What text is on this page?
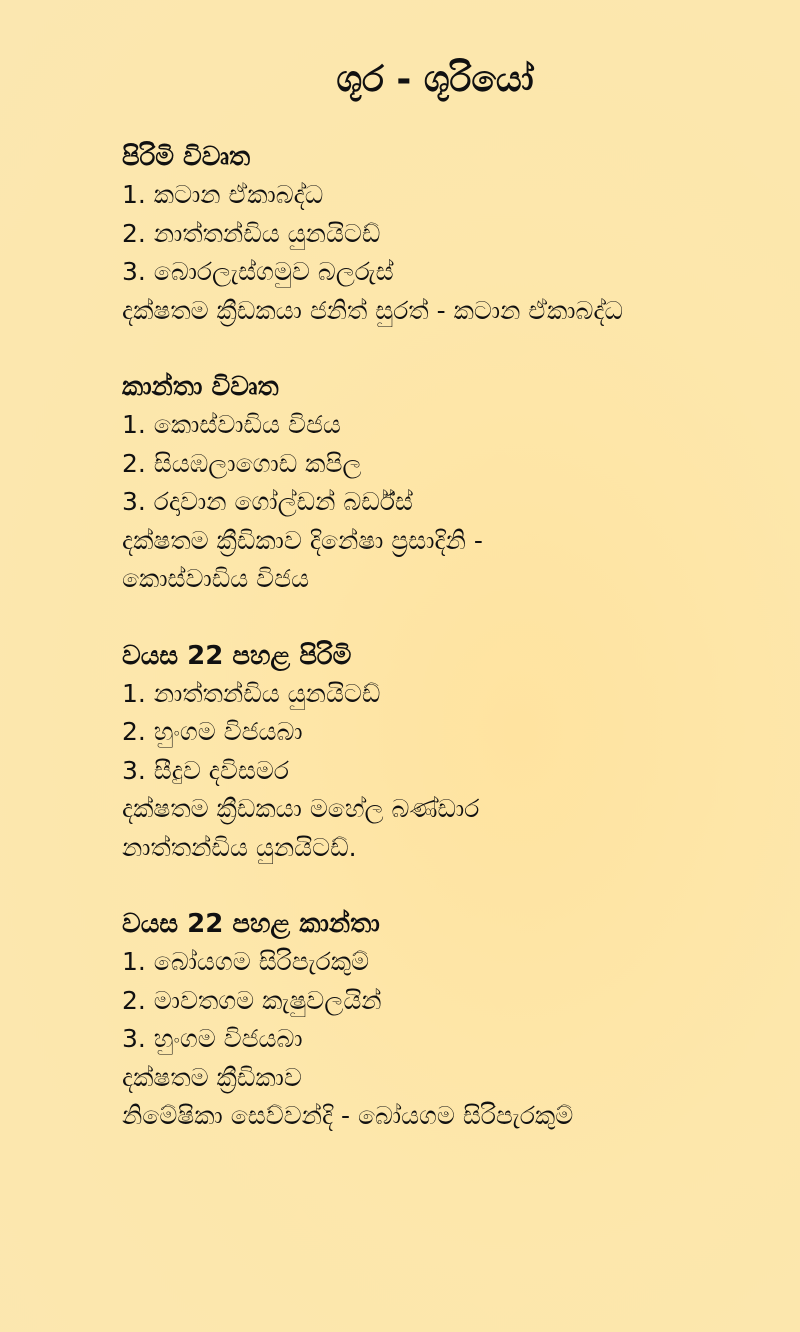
ශූර - ශූරියෝ
පිරිමි විවෘත
1. කටාන ඒකාබද්ධ
2. නාත්තන්ඩිය යුනයිටඩ්
3. බොරලැස්ගමුව බලරුස්
දක්ෂතම ක්‍රීඩකයා ජනිත් සුරත් - කටාන ඒකාබද්ධ
කාන්තා විවෘත
1. කොස්වාඩිය විජය
2. සියඹලාගොඩ කපිල
3. රදාවාන ගෝල්ඩන් බර්ඩ්ස්
දක්ෂතම ක්‍රීඩිකාව දිනේෂා ප්‍රසාදිනි -
කොස්වාඩිය විජය
වයස 22 පහළ පිරිමි
1. නාත්තන්ඩිය යුනයිටඩ්
2. හුංගම විජයබා
3. සීදුව දවිසමර
දක්ෂතම ක්‍රීඩකයා මහේල බණ්ඩාර
නාත්තන්ඩිය යුනයිටඩ්.
වයස 22 පහළ කාන්තා
1. බෝයගම සිරිපැරකුම්
2. මාවතගම කැෂුවලයින්
3. හුංගම විජයබා
දක්ෂතම ක්‍රීඩිකාව
නිමේෂිකා සෙව්වන්දි - බෝයගම සිරිපැරකුම්
